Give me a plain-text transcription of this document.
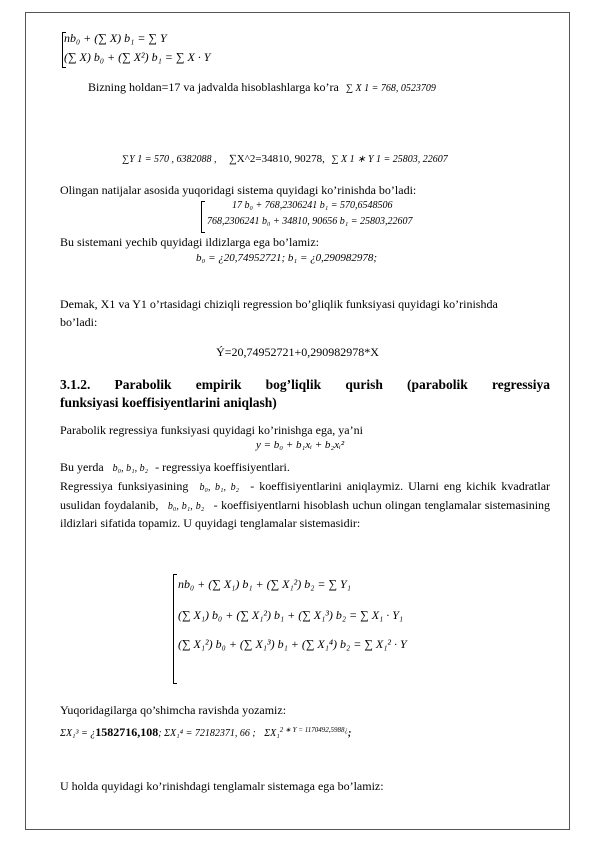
nb₀ + (∑ X) b₁ = ∑ Y
(∑ X) b₀ + (∑ X²) b₁ = ∑ X · Y
Bizning holdan=17 va jadvalda hisoblashlarga ko’ra ∑ X 1 = 768, 0523709
∑Y 1 = 570 , 6382088 , ∑X^2=34810, 90278, ∑ X 1 ∗ Y 1 = 25803, 22607
Olingan natijalar asosida yuqoridagi sistema quyidagi ko’rinishda bo’ladi:
17 b₀ + 768,2306241 b₁ = 570,6548506
768,2306241 b₀ + 34810, 90656 b₁ = 25803,22607
Bu sistemani yechib quyidagi ildizlarga ega bo’lamiz:
b₀ = ¿20,74952721; b₁ = ¿0,290982978;
Demak, X1 va Y1 o’rtasidagi chiziqli regression bo’gliqlik funksiyasi quyidagi ko’rinishda bo’ladi:
Ý=20,74952721+0,290982978*X
3.1.2. Parabolik empirik bog’liqlik qurish (parabolik regressiya
funksiyasi koeffisiyentlarini aniqlash)
Parabolik regressiya funksiyasi quyidagi ko’rinishga ega, ya’ni
y = b₀ + b₁xᵢ + b₂xᵢ²
Bu yerda b₀, b₁, b₂ - regressiya koeffisiyentlari.
Regressiya funksiyasining b₀, b₁, b₂ - koeffisiyentlarini aniqlaymiz. Ularni eng kichik kvadratlar usulidan foydalanib, b₀, b₁, b₂ - koeffisiyentlarni hisoblash uchun olingan tenglamalar sistemasining ildizlari sifatida topamiz. U quyidagi tenglamalar sistemasidir:
nb₀ + (∑ X₁) b₁ + (∑ X₁²) b₂ = ∑ Y₁
(∑ X₁) b₀ + (∑ X₁²) b₁ + (∑ X₁³) b₂ = ∑ X₁ · Y₁
(∑ X₁²) b₀ + (∑ X₁³) b₁ + (∑ X₁⁴) b₂ = ∑ X₁² · Y
Yuqoridagilarga qo’shimcha ravishda yozamiz:
ΣX₁³ = ¿1582716,108; ΣX₁⁴ = 72182371, 66 ; ΣX₁$^{2 ∗ Y = 1170492,5988¿}$;
U holda quyidagi ko’rinishdagi tenglamalr sistemaga ega bo’lamiz:
